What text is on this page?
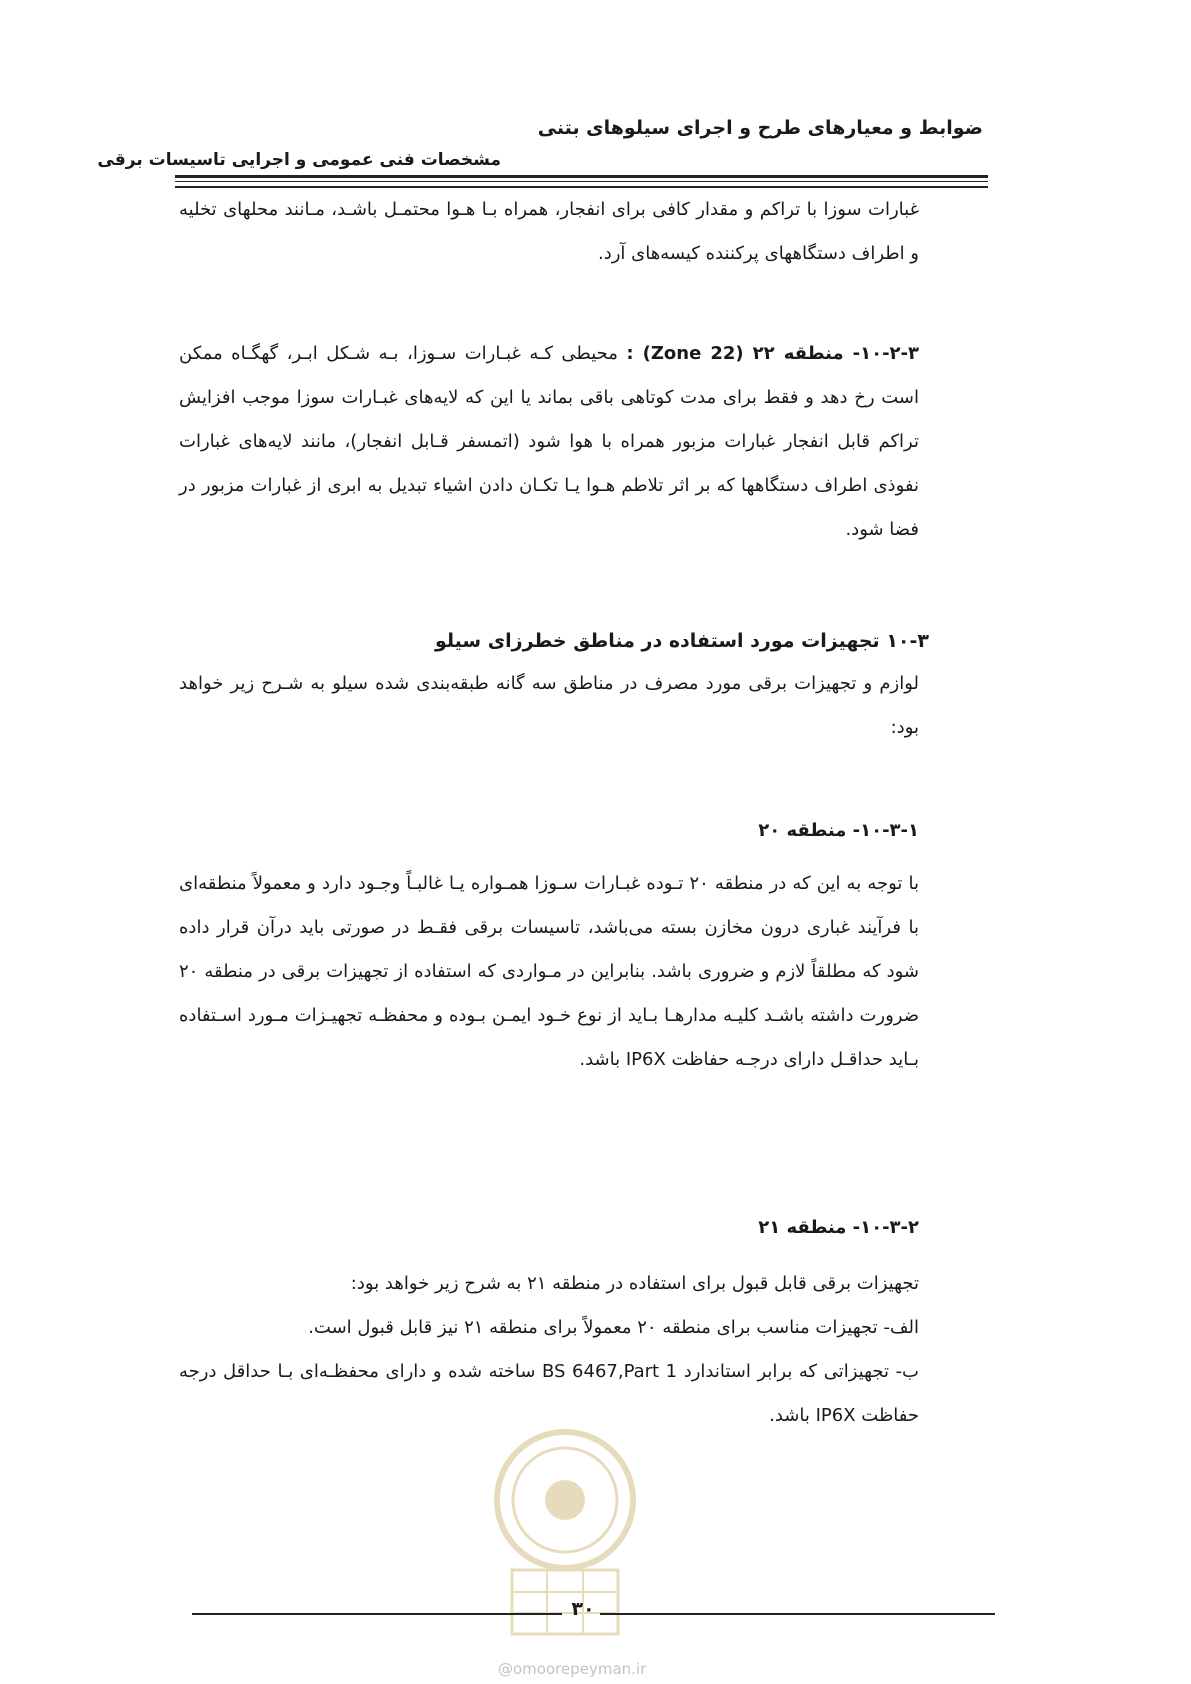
ضوابط و معیارهای طرح و اجرای سیلوهای بتنی
مشخصات فنی عمومی و اجرایی تاسیسات برقی

غبارات سوزا با تراکم و مقدار کافی برای انفجار، همراه بـا هـوا محتمـل باشـد، مـانند محلهای تخلیه و اطراف دستگاههای پرکننده کیسه‌های آرد.

۱۰-۲-۳- منطقه ۲۲ (Zone 22) : محیطی کـه غبـارات سـوزا، بـه شـکل ابـر، گهگـاه ممکن است رخ دهد و فقط برای مدت کوتاهی باقی بماند یا این که لایه‌های غبـارات سوزا موجب افزایش تراکم قابل انفجار غبارات مزبور همراه با هوا شود (اتمسفر قـابل انفجار)، مانند لایه‌های غبارات نفوذی اطراف دستگاهها که بر اثر تلاطم هـوا یـا تکـان دادن اشیاء تبدیل به ابری از غبارات مزبور در فضا شود.

۱۰-۳ تجهیزات مورد استفاده در مناطق خطرزای سیلو

لوازم و تجهیزات برقی مورد مصرف در مناطق سه گانه طبقه‌بندی شده سیلو به شـرح زیر خواهد بود:

۱۰-۳-۱- منطقه ۲۰

با توجه به این که در منطقه ۲۰ تـوده غبـارات سـوزا همـواره یـا غالبـاً وجـود دارد و معمولاً منطقه‌ای با فرآیند غباری درون مخازن بسته می‌باشد، تاسیسات برقی فقـط در صورتی باید درآن قرار داده شود که مطلقاً لازم و ضروری باشد. بنابراین در مـواردی که استفاده از تجهیزات برقی در منطقه ۲۰ ضرورت داشته باشـد کلیـه مدارهـا بـاید از نوع خـود ایمـن بـوده و محفظـه تجهیـزات مـورد اسـتفاده بـاید حداقـل دارای درجـه حفاظت IP6X باشد.

۱۰-۳-۲- منطقه ۲۱

تجهیزات برقی قابل قبول برای استفاده در منطقه ۲۱ به شرح زیر خواهد بود:

الف- تجهیزات مناسب برای منطقه ۲۰ معمولاً برای منطقه ۲۱ نیز قابل قبول است.

ب- تجهیزاتی که برابر استاندارد BS 6467,Part 1 ساخته شده و دارای محفظـه‌ای بـا حداقل درجه حفاظت IP6X باشد.

۳۰
@omoorepeyman.ir
